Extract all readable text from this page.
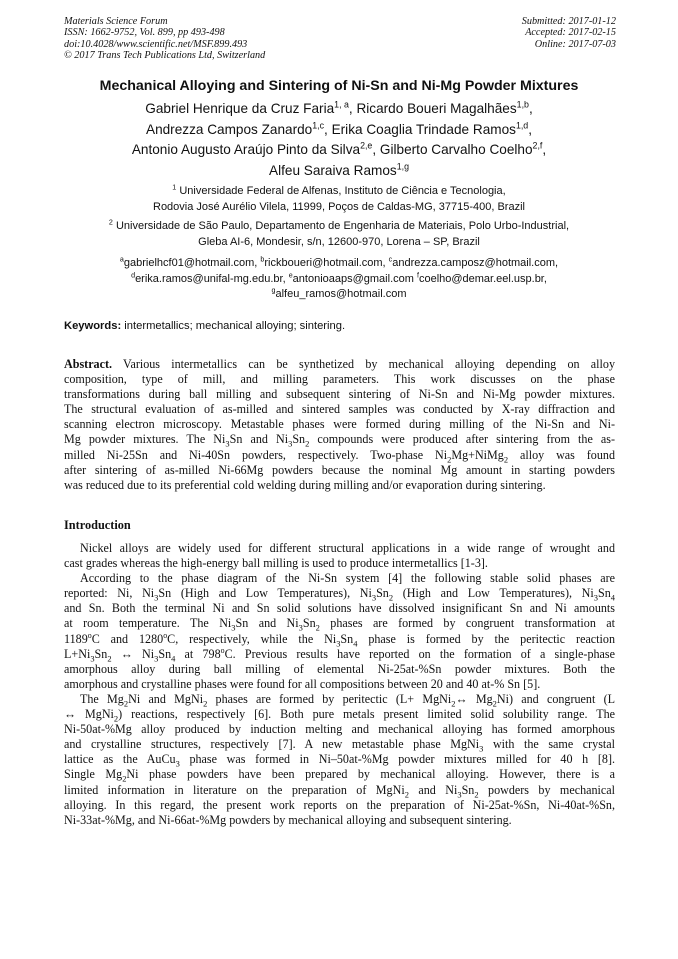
Materials Science Forum
ISSN: 1662-9752, Vol. 899, pp 493-498
doi:10.4028/www.scientific.net/MSF.899.493
© 2017 Trans Tech Publications Ltd, Switzerland
Submitted: 2017-01-12
Accepted: 2017-02-15
Online: 2017-07-03
Mechanical Alloying and Sintering of Ni-Sn and Ni-Mg Powder Mixtures
Gabriel Henrique da Cruz Faria$^{1, a}$, Ricardo Boueri Magalhães$^{1,b}$,
Andrezza Campos Zanardo$^{1,c}$, Erika Coaglia Trindade Ramos$^{1,d}$,
Antonio Augusto Araújo Pinto da Silva$^{2,e}$, Gilberto Carvalho Coelho$^{2,f}$,
Alfeu Saraiva Ramos$^{1,g}$
$^1$ Universidade Federal de Alfenas, Instituto de Ciência e Tecnologia,
Rodovia José Aurélio Vilela, 11999, Poços de Caldas-MG, 37715-400, Brazil
$^2$ Universidade de São Paulo, Departamento de Engenharia de Materiais, Polo Urbo-Industrial,
Gleba AI-6, Mondesir, s/n, 12600-970, Lorena – SP, Brazil
$^a$gabrielhcf01@hotmail.com, $^b$rickboueri@hotmail.com, $^c$andrezza.camposz@hotmail.com,
$^d$erika.ramos@unifal-mg.edu.br, $^e$antonioaaps@gmail.com $^f$coelho@demar.eel.usp.br,
$^g$alfeu_ramos@hotmail.com
Keywords: intermetallics; mechanical alloying; sintering.
Abstract. Various intermetallics can be synthetized by mechanical alloying depending on alloy
composition, type of mill, and milling parameters. This work discusses on the phase
transformations during ball milling and subsequent sintering of Ni-Sn and Ni-Mg powder mixtures.
The structural evaluation of as-milled and sintered samples was conducted by X-ray diffraction and
scanning electron microscopy. Metastable phases were formed during milling of the Ni-Sn and Ni-
Mg powder mixtures. The $Ni_3Sn$ and $Ni_3Sn_2$ compounds were produced after sintering from the as-
milled Ni-25Sn and Ni-40Sn powders, respectively. Two-phase $Ni_2Mg+NiMg_2$ alloy was found
after sintering of as-milled Ni-66Mg powders because the nominal Mg amount in starting powders
was reduced due to its preferential cold welding during milling and/or evaporation during sintering.
Introduction
Nickel alloys are widely used for different structural applications in a wide range of wrought and
cast grades whereas the high-energy ball milling is used to produce intermetallics [1-3].
According to the phase diagram of the Ni-Sn system [4] the following stable solid phases are
reported: Ni, $Ni_3Sn$ (High and Low Temperatures), $Ni_3Sn_2$ (High and Low Temperatures), $Ni_3Sn_4$
and Sn. Both the terminal Ni and Sn solid solutions have dissolved insignificant Sn and Ni amounts
at room temperature. The $Ni_3Sn$ and $Ni_3Sn_2$ phases are formed by congruent transformation at
1189$^o$C and 1280$^o$C, respectively, while the $Ni_3Sn_4$ phase is formed by the peritectic reaction
$L+Ni_3Sn_2$ ↔ $Ni_3Sn_4$ at 798$^o$C. Previous results have reported on the formation of a single-phase
amorphous alloy during ball milling of elemental Ni-25at-%Sn powder mixtures. Both the
amorphous and crystalline phases were found for all compositions between 20 and 40 at-% Sn [5].
The $Mg_2Ni$ and MgNi$_2$ phases are formed by peritectic (L+ MgNi$_2$↔ $Mg_2Ni$) and congruent (L
↔ MgNi$_2$) reactions, respectively [6]. Both pure metals present limited solid solubility range. The
Ni-50at-%Mg alloy produced by induction melting and mechanical alloying has formed amorphous
and crystalline structures, respectively [7]. A new metastable phase MgNi$_3$ with the same crystal
lattice as the AuCu$_3$ phase was formed in Ni–50at-%Mg powder mixtures milled for 40 h [8].
Single $Mg_2Ni$ phase powders have been prepared by mechanical alloying. However, there is a
limited information in literature on the preparation of MgNi$_2$ and $Ni_3Sn_2$ powders by mechanical
alloying. In this regard, the present work reports on the preparation of Ni-25at-%Sn, Ni-40at-%Sn,
Ni-33at-%Mg, and Ni-66at-%Mg powders by mechanical alloying and subsequent sintering.
